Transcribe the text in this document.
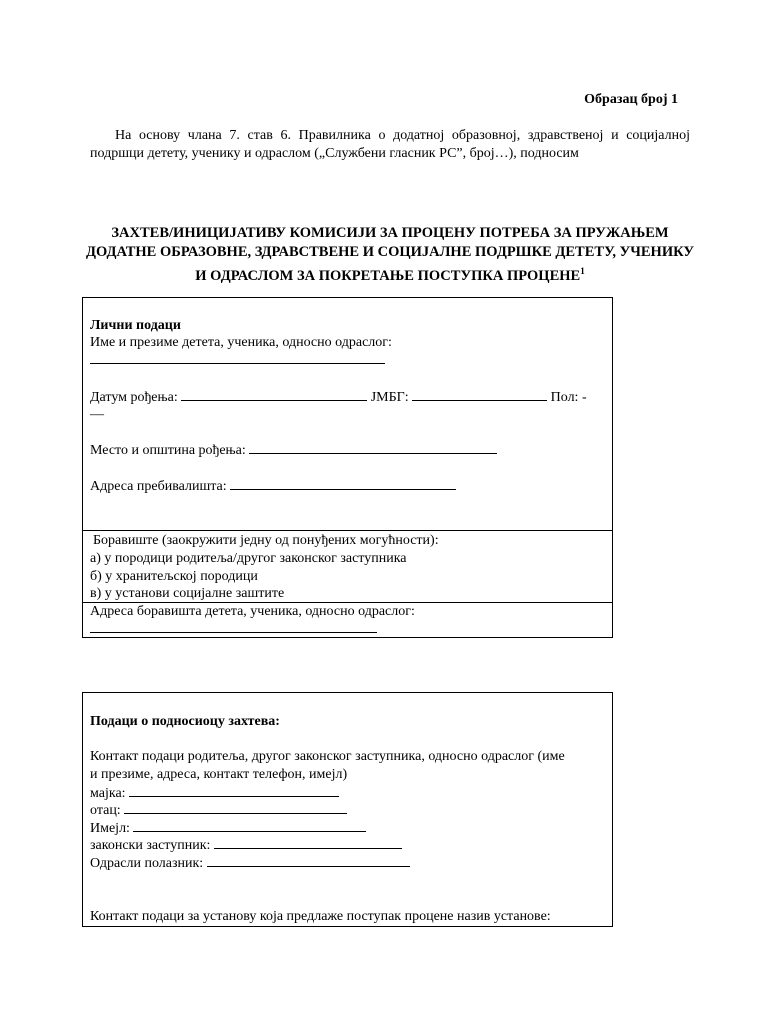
Образац број 1
На основу члана 7. став 6. Правилника о додатној образовној, здравственој и социјалној подршци детету, ученику и одраслом („Службени гласник РС”, број…), подносим
ЗАХТЕВ/ИНИЦИЈАТИВУ КОМИСИЈИ ЗА ПРОЦЕНУ ПОТРЕБА ЗА ПРУЖАЊЕМ ДОДАТНЕ ОБРАЗОВНЕ, ЗДРАВСТВЕНЕ И СОЦИЈАЛНЕ ПОДРШКЕ ДЕТЕТУ, УЧЕНИКУ И ОДРАСЛОМ ЗА ПОКРЕТАЊЕ ПОСТУПКА ПРОЦЕНЕ$^1$
Лични подаци
Име и презиме детета, ученика, односно одраслог:
Датум рођења:	ЈМБГ:	Пол: -
—
Место и општина рођења:
Адреса пребивалишта:
Боравиште (заокружити једну од понуђених могућности):
а) у породици родитеља/другог законског заступника
б) у хранитељској породици
в) у установи социјалне заштите
Адреса боравишта детета, ученика, односно одраслог:
Подаци о подносиоцу захтева:
Контакт подаци родитеља, другог законског заступника, односно одраслог (име
и презиме, адреса, контакт телефон, имејл)
мајка:
отац:
Имејл:
законски заступник:
Одрасли полазник:
Контакт подаци за установу која предлаже поступак процене назив установе:
